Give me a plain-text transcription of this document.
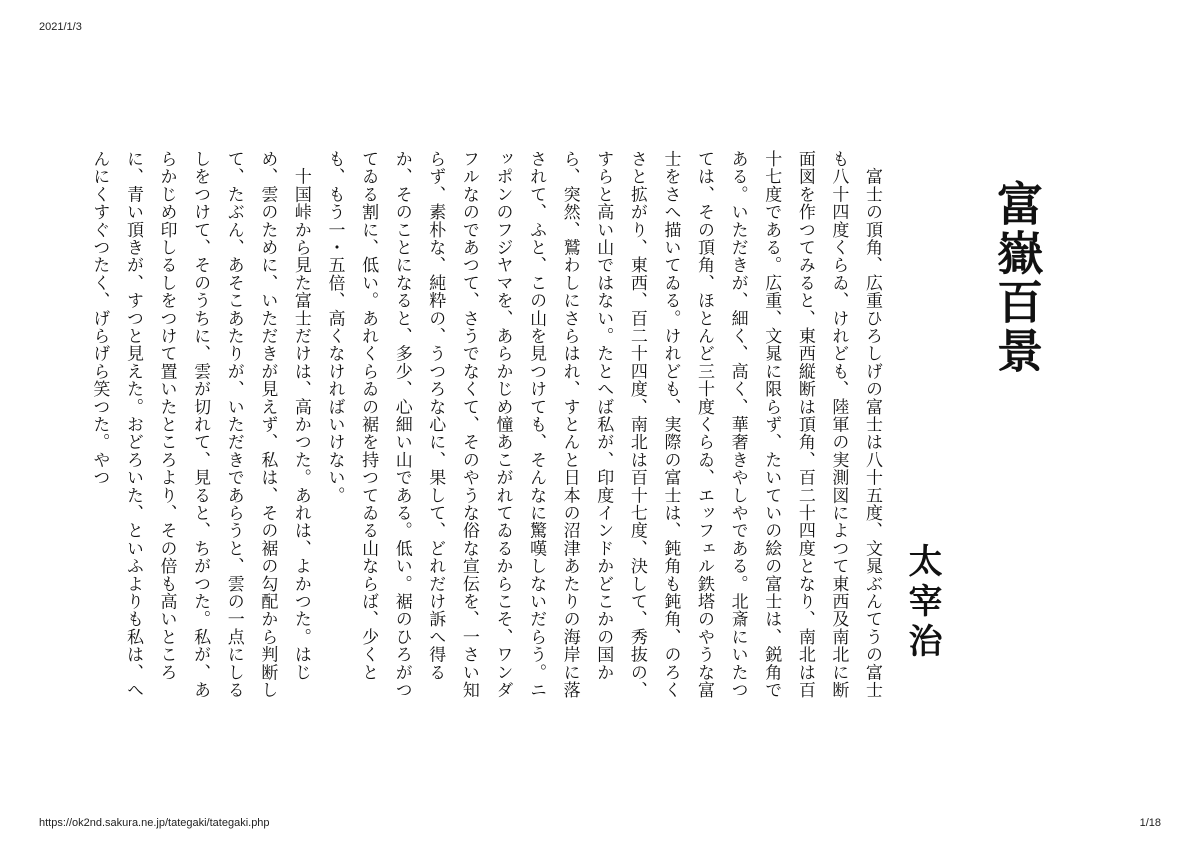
2021/1/3
富嶽百景
太宰治

　富士の頂角、広重ひろしげの富士は八十五度、文晁ぶんてうの富士も八十四度くらゐ、けれども、陸軍の実測図によつて東西及南北に断面図を作つてみると、東西縦断は頂角、百二十四度となり、南北は百十七度である。広重、文晁に限らず、たいていの絵の富士は、鋭角である。いただきが、細く、高く、華奢きやしやである。北斎にいたつては、その頂角、ほとんど三十度くらゐ、エッフェル鉄塔のやうな富士をさへ描いてゐる。けれども、実際の富士は、鈍角も鈍角、のろくさと拡がり、東西、百二十四度、南北は百十七度、決して、秀抜の、すらと高い山ではない。たとへば私が、印度インドかどこかの国から、突然、鷲わしにさらはれ、すとんと日本の沼津あたりの海岸に落されて、ふと、この山を見つけても、そんなに驚嘆しないだらう。ニッポンのフジヤマを、あらかじめ憧あこがれてゐるからこそ、ワンダフルなのであつて、さうでなくて、そのやうな俗な宣伝を、一さい知らず、素朴な、純粋の、うつろな心に、果して、どれだけ訴へ得るか、そのことになると、多少、心細い山である。低い。裾のひろがつてゐる割に、低い。あれくらゐの裾を持つてゐる山ならば、少くとも、もう一・五倍、高くなければいけない。

　十国峠から見た富士だけは、高かつた。あれは、よかつた。はじめ、雲のために、いただきが見えず、私は、その裾の勾配から判断して、たぶん、あそこあたりが、いただきであらうと、雲の一点にしるしをつけて、そのうちに、雲が切れて、見ると、ちがつた。私が、あらかじめ印しるしをつけて置いたところより、その倍も高いところに、青い頂きが、すつと見えた。おどろいた、といふよりも私は、へんにくすぐつたく、げらげら笑つた。やつ

https://ok2nd.sakura.ne.jp/tategaki/tategaki.php	1/18
